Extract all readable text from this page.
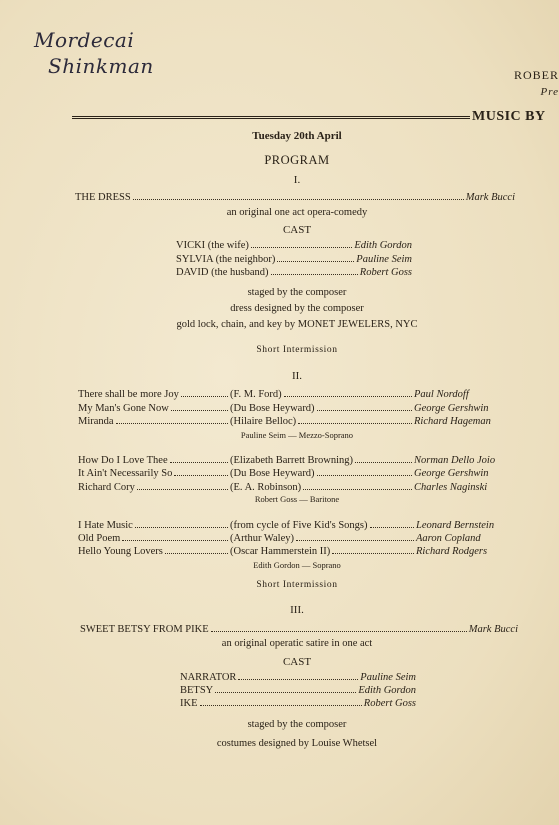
Mordecai
Shinkman	ROBER
Pre
MUSIC BY
Tuesday 20th April
PROGRAM
I.
THE DRESS	Mark Bucci
an original one act opera-comedy
CAST
VICKI (the wife)	Edith Gordon
SYLVIA (the neighbor)	Pauline Seim
DAVID (the husband)	Robert Goss
staged by the composer
dress designed by the composer
gold lock, chain, and key by MONET JEWELERS, NYC
Short Intermission
II.
There shall be more Joy	(F. M. Ford)	Paul Nordoff
My Man's Gone Now	(Du Bose Heyward)	George Gershwin
Miranda	(Hilaire Belloc)	Richard Hageman
Pauline Seim — Mezzo-Soprano
How Do I Love Thee	(Elizabeth Barrett Browning)	Norman Dello Joio
It Ain't Necessarily So	(Du Bose Heyward)	George Gershwin
Richard Cory	(E. A. Robinson)	Charles Naginski
Robert Goss — Baritone
I Hate Music	(from cycle of Five Kid's Songs)	Leonard Bernstein
Old Poem	(Arthur Waley)	Aaron Copland
Hello Young Lovers	(Oscar Hammerstein II)	Richard Rodgers
Edith Gordon — Soprano
Short Intermission
III.
SWEET BETSY FROM PIKE	Mark Bucci
an original operatic satire in one act
CAST
NARRATOR	Pauline Seim
BETSY	Edith Gordon
IKE	Robert Goss
staged by the composer
costumes designed by Louise Whetsel
